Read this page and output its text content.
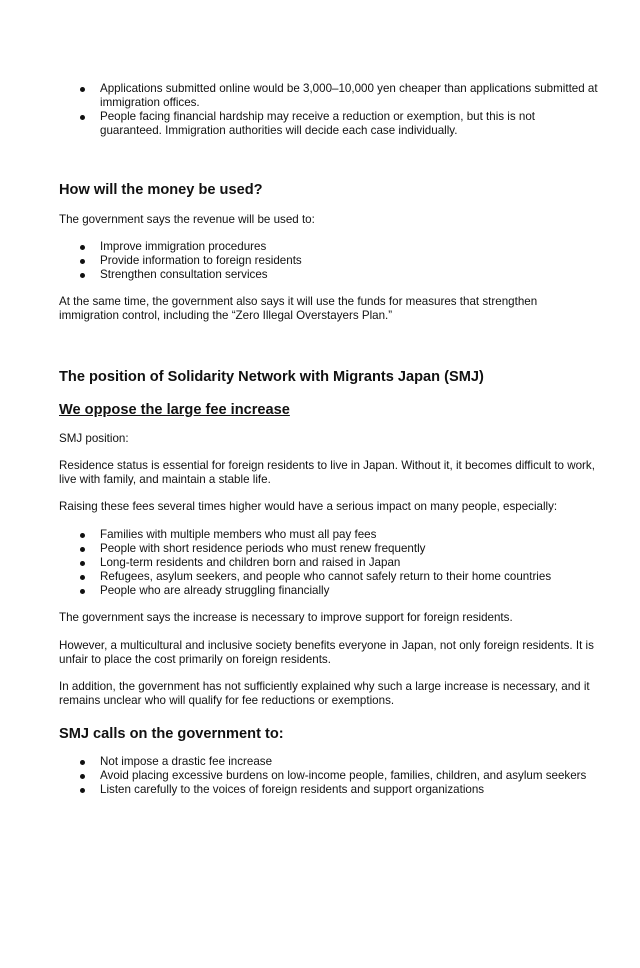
Applications submitted online would be 3,000–10,000 yen cheaper than applications submitted at immigration offices.
People facing financial hardship may receive a reduction or exemption, but this is not guaranteed. Immigration authorities will decide each case individually.
How will the money be used?

The government says the revenue will be used to:

Improve immigration procedures
Provide information to foreign residents
Strengthen consultation services

At the same time, the government also says it will use the funds for measures that strengthen immigration control, including the “Zero Illegal Overstayers Plan.”

The position of Solidarity Network with Migrants Japan (SMJ)
We oppose the large fee increase

SMJ position:

Residence status is essential for foreign residents to live in Japan. Without it, it becomes difficult to work, live with family, and maintain a stable life.

Raising these fees several times higher would have a serious impact on many people, especially:

Families with multiple members who must all pay fees
People with short residence periods who must renew frequently
Long-term residents and children born and raised in Japan
Refugees, asylum seekers, and people who cannot safely return to their home countries
People who are already struggling financially

The government says the increase is necessary to improve support for foreign residents.

However, a multicultural and inclusive society benefits everyone in Japan, not only foreign residents. It is unfair to place the cost primarily on foreign residents.

In addition, the government has not sufficiently explained why such a large increase is necessary, and it remains unclear who will qualify for fee reductions or exemptions.

SMJ calls on the government to:
Not impose a drastic fee increase
Avoid placing excessive burdens on low-income people, families, children, and asylum seekers
Listen carefully to the voices of foreign residents and support organizations
